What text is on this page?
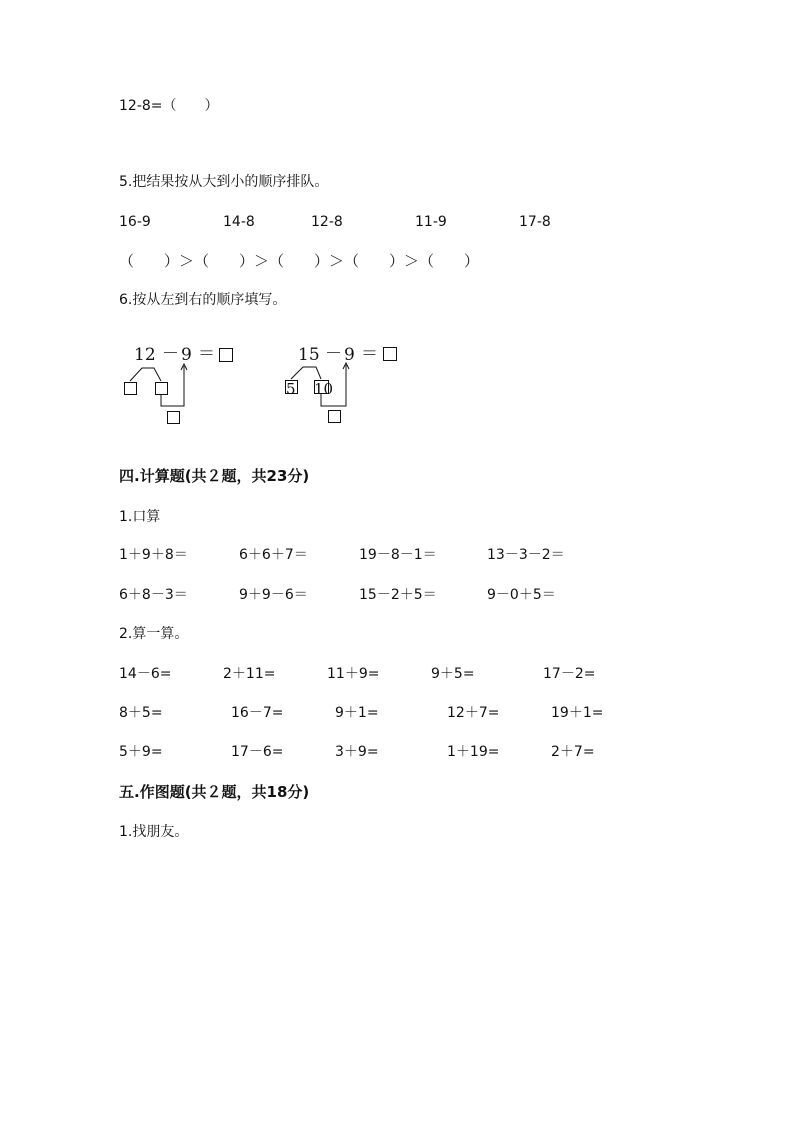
12-8=（　　）
5.把结果按从大到小的顺序排队。
16-9	14-8	12-8	11-9	17-8
（　　）＞（　　）＞（　　）＞（　　）＞（　　）
6.按从左到右的顺序填写。
12 － 9 ＝	15 － 9 ＝
5 10
四.计算题(共２题，共23分)
1.口算
1＋9＋8＝	6＋6＋7＝	19－8－1＝	13－3－2＝
6＋8－3＝	9＋9－6＝	15－2＋5＝	9－0＋5＝
2.算一算。
14－6=	2＋11=	11＋9=	9＋5=	17－2=
8＋5=	16－7=	9＋1=	12＋7=	19＋1=
5＋9=	17－6=	3＋9=	1＋19=	2＋7=
五.作图题(共２题，共18分)
1.找朋友。
